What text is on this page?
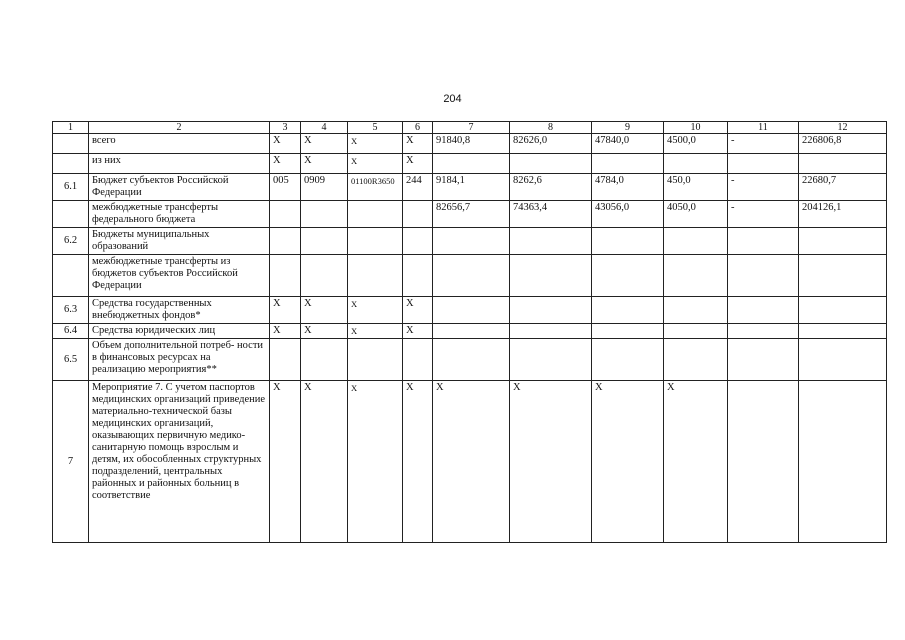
204
1	2	3	4	5	6	7	8	9	10	11	12
	всего	X	X	X	X	91840,8	82626,0	47840,0	4500,0	-	226806,8
	из них	X	X	X	X						
6.1	Бюджет субъектов Российской Федерации	005	0909	01100R3650	244	9184,1	8262,6	4784,0	450,0	-	22680,7
	межбюджетные трансферты федерального бюджета					82656,7	74363,4	43056,0	4050,0	-	204126,1
6.2	Бюджеты муниципальных образований										
	межбюджетные трансферты из бюджетов субъектов Российской Федерации										
6.3	Средства государственных внебюджетных фондов*	X	X	X	X						
6.4	Средства юридических лиц	X	X	X	X						
6.5	Объем дополнительной потреб- ности в финансовых ресурсах на реализацию мероприятия**										
7	Мероприятие 7. С учетом паспортов медицинских организаций приведение материально-технической базы медицинских организаций, оказывающих первичную медико-санитарную помощь взрослым и детям, их обособленных структурных подразделений, центральных районных и районных больниц в соответствие	X	X	X	X	X	X	X	X		
